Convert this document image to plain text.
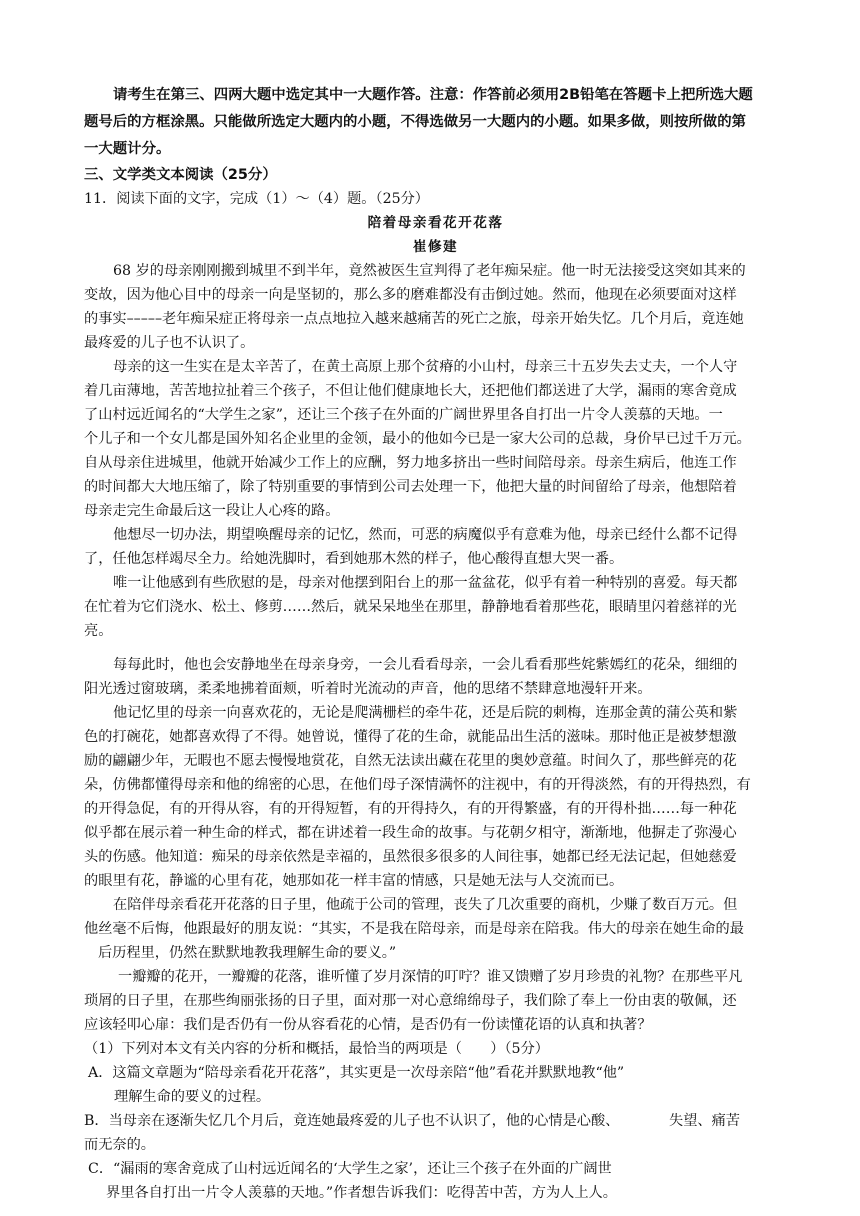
请考生在第三、四两大题中选定其中一大题作答。注意：作答前必须用2B铅笔在答题卡上把所选大题
题号后的方框涂黑。只能做所选定大题内的小题，不得选做另一大题内的小题。如果多做，则按所做的第
一大题计分。
三、文学类文本阅读（25分）
11．阅读下面的文字，完成（1）～（4）题。（25分）
陪着母亲看花开花落
崔修建
68 岁的母亲刚刚搬到城里不到半年，竟然被医生宣判得了老年痴呆症。他一时无法接受这突如其来的
变故，因为他心目中的母亲一向是坚韧的，那么多的磨难都没有击倒过她。然而，他现在必须要面对这样
的事实–––––老年痴呆症正将母亲一点点地拉入越来越痛苦的死亡之旅，母亲开始失忆。几个月后，竟连她
最疼爱的儿子也不认识了。
母亲的这一生实在是太辛苦了，在黄土高原上那个贫瘠的小山村，母亲三十五岁失去丈夫，一个人守
着几亩薄地，苦苦地拉扯着三个孩子，不但让他们健康地长大，还把他们都送进了大学，漏雨的寒舍竟成
了山村远近闻名的“大学生之家”，还让三个孩子在外面的广阔世界里各自打出一片令人羡慕的天地。一
个儿子和一个女儿都是国外知名企业里的金领，最小的他如今已是一家大公司的总裁，身价早已过千万元。
自从母亲住进城里，他就开始减少工作上的应酬，努力地多挤出一些时间陪母亲。母亲生病后，他连工作
的时间都大大地压缩了，除了特别重要的事情到公司去处理一下，他把大量的时间留给了母亲，他想陪着
母亲走完生命最后这一段让人心疼的路。
他想尽一切办法，期望唤醒母亲的记忆，然而，可恶的病魔似乎有意难为他，母亲已经什么都不记得
了，任他怎样竭尽全力。给她洗脚时，看到她那木然的样子，他心酸得直想大哭一番。
唯一让他感到有些欣慰的是，母亲对他摆到阳台上的那一盆盆花，似乎有着一种特别的喜爱。每天都
在忙着为它们浇水、松土、修剪……然后，就呆呆地坐在那里，静静地看着那些花，眼睛里闪着慈祥的光
亮。
每每此时，他也会安静地坐在母亲身旁，一会儿看看母亲，一会儿看看那些姹紫嫣红的花朵，细细的
阳光透过窗玻璃，柔柔地拂着面颊，听着时光流动的声音，他的思绪不禁肆意地漫轩开来。
他记忆里的母亲一向喜欢花的，无论是爬满栅栏的牵牛花，还是后院的刺梅，连那金黄的蒲公英和紫
色的打碗花，她都喜欢得了不得。她曾说，懂得了花的生命，就能品出生活的滋味。那时他正是被梦想激
励的翩翩少年，无暇也不愿去慢慢地赏花，自然无法读出藏在花里的奥妙意蕴。时间久了，那些鲜亮的花
朵，仿佛都懂得母亲和他的绵密的心思，在他们母子深情满怀的注视中，有的开得淡然，有的开得热烈，有
的开得急促，有的开得从容，有的开得短暂，有的开得持久，有的开得繁盛，有的开得朴拙……每一种花
似乎都在展示着一种生命的样式，都在讲述着一段生命的故事。与花朝夕相守，渐渐地，他摒走了弥漫心
头的伤感。他知道：痴呆的母亲依然是幸福的，虽然很多很多的人间往事，她都已经无法记起，但她慈爱
的眼里有花，静谧的心里有花，她那如花一样丰富的情感，只是她无法与人交流而已。
在陪伴母亲看花开花落的日子里，他疏于公司的管理，丧失了几次重要的商机，少赚了数百万元。但
他丝毫不后悔，他跟最好的朋友说：“其实，不是我在陪母亲，而是母亲在陪我。伟大的母亲在她生命的最
后历程里，仍然在默默地教我理解生命的要义。”
一瓣瓣的花开，一瓣瓣的花落，谁听懂了岁月深情的叮咛？谁又馈赠了岁月珍贵的礼物？在那些平凡
琐屑的日子里，在那些绚丽张扬的日子里，面对那一对心意绵绵母子，我们除了奉上一份由衷的敬佩，还
应该轻叩心扉：我们是否仍有一份从容看花的心情，是否仍有一份读懂花语的认真和执著？
（1）下列对本文有关内容的分析和概括，最恰当的两项是（　　）（5分）
A．这篇文章题为“陪母亲看花开花落”，其实更是一次母亲陪“他”看花并默默地教“他”
理解生命的要义的过程。
B．当母亲在逐渐失忆几个月后，竟连她最疼爱的儿子也不认识了，他的心情是心酸、　　　　失望、痛苦
而无奈的。
C．“漏雨的寒舍竟成了山村远近闻名的‘大学生之家’，还让三个孩子在外面的广阔世
界里各自打出一片令人羡慕的天地。”作者想告诉我们：吃得苦中苦，方为人上人。
